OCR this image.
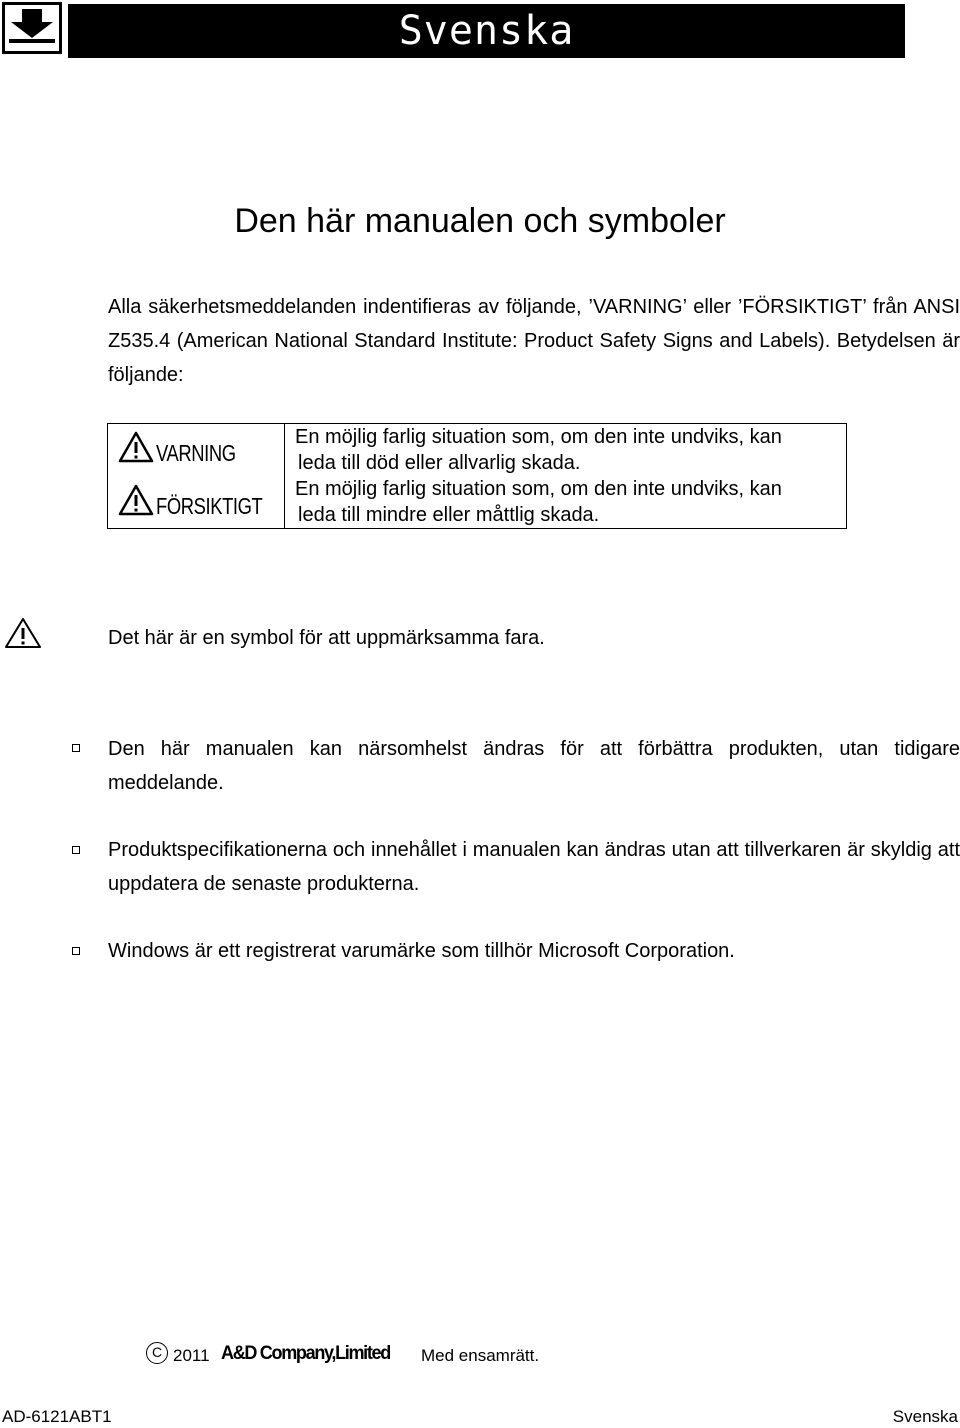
Svenska
Den här manualen och symboler
Alla säkerhetsmeddelanden indentifieras av följande, ’VARNING’ eller ’FÖRSIKTIGT’ från ANSI Z535.4 (American National Standard Institute: Product Safety Signs and Labels). Betydelsen är följande:
VARNING
En möjlig farlig situation som, om den inte undviks, kan
leda till död eller allvarlig skada.
FÖRSIKTIGT
En möjlig farlig situation som, om den inte undviks, kan
leda till mindre eller måttlig skada.
Det här är en symbol för att uppmärksamma fara.
Den här manualen kan närsomhelst ändras för att förbättra produkten, utan tidigare meddelande.
Produktspecifikationerna och innehållet i manualen kan ändras utan att tillverkaren är skyldig att uppdatera de senaste produkterna.
Windows är ett registrerat varumärke som tillhör Microsoft Corporation.
C 2011 A&D Company,Limited Med ensamrätt.
AD-6121ABT1	Svenska
